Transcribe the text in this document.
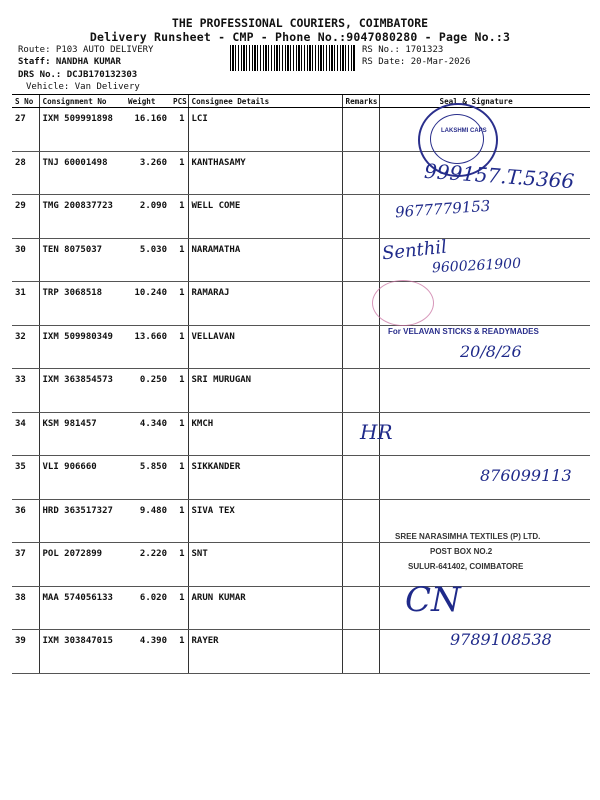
THE PROFESSIONAL COURIERS, COIMBATORE
Delivery Runsheet - CMP - Phone No.:9047080280 - Page No.:3
Route: P103 AUTO DELIVERY
Staff: NANDHA KUMAR
DRS No.: DCJB170132303
Vehicle: Van Delivery
RS No.: 1701323
RS Date: 20-Mar-2026
S No	Consignment No	Weight	PCS	Consignee Details	Remarks	Seal & Signature
27	IXM 509991898	16.160	1	LCI		
28	TNJ 60001498	3.260	1	KANTHASAMY		
29	TMG 200837723	2.090	1	WELL COME		
30	TEN 8075037	5.030	1	NARAMATHA		
31	TRP 3068518	10.240	1	RAMARAJ		
32	IXM 509980349	13.660	1	VELLAVAN		
33	IXM 363854573	0.250	1	SRI MURUGAN		
34	KSM 981457	4.340	1	KMCH		
35	VLI 906660	5.850	1	SIKKANDER		
36	HRD 363517327	9.480	1	SIVA TEX		
37	POL 2072899	2.220	1	SNT		
38	MAA 574056133	6.020	1	ARUN KUMAR		
39	IXM 303847015	4.390	1	RAYER		
LAKSHMI CAPS
999157.T.5366
9677779153
Senthil
9600261900
For VELAVAN STICKS & READYMADES
20/8/26
HR
876099113
SREE NARASIMHA TEXTILES (P) LTD.
POST BOX NO.2
SULUR-641402, COIMBATORE
CN
9789108538
